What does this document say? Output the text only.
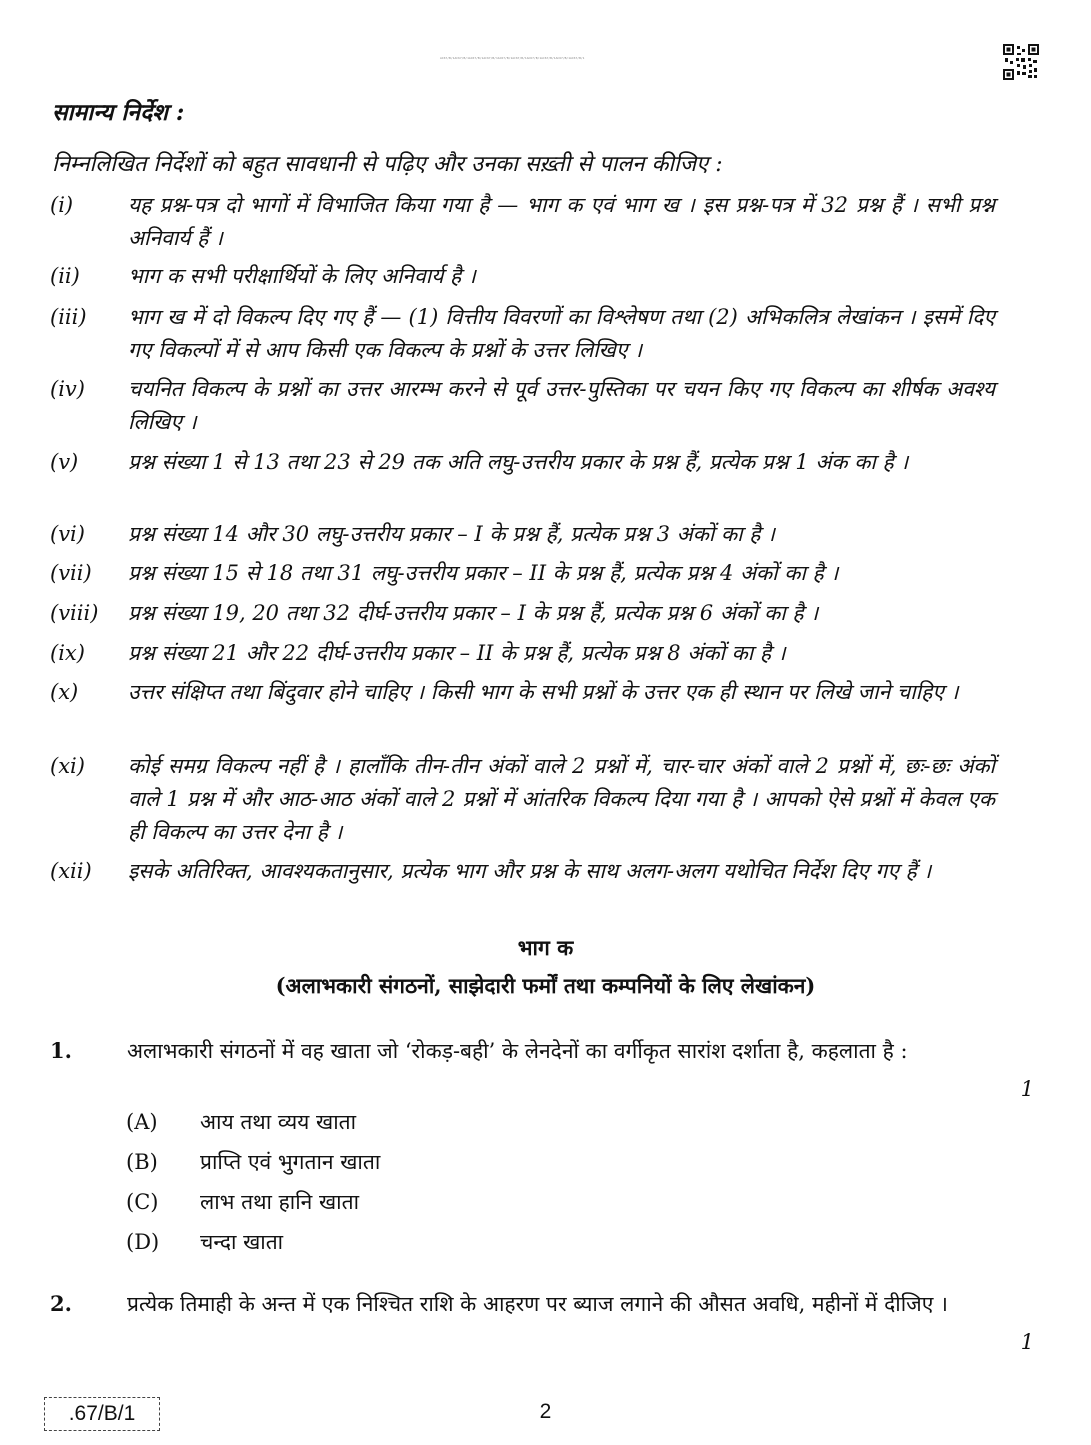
AC67/B/1AC67/B/1AC67/B/1AC67/B/1AC67/B/1AC67/B/1AC67/B/1AC67/B/1AC67/B/1AC67/B/1
सामान्य निर्देश :
निम्नलिखित निर्देशों को बहुत सावधानी से पढ़िए और उनका सख़्ती से पालन कीजिए :
(i)	यह प्रश्न-पत्र दो भागों में विभाजित किया गया है — भाग क एवं भाग ख । इस प्रश्न-पत्र में 32 प्रश्न हैं । सभी प्रश्न अनिवार्य हैं ।
(ii)	भाग क सभी परीक्षार्थियों के लिए अनिवार्य है ।
(iii)	भाग ख में दो विकल्प दिए गए हैं — (1) वित्तीय विवरणों का विश्लेषण तथा (2) अभिकलित्र लेखांकन । इसमें दिए गए विकल्पों में से आप किसी एक विकल्प के प्रश्नों के उत्तर लिखिए ।
(iv)	चयनित विकल्प के प्रश्नों का उत्तर आरम्भ करने से पूर्व उत्तर-पुस्तिका पर चयन किए गए विकल्प का शीर्षक अवश्य लिखिए ।
(v)	प्रश्न संख्या 1 से 13 तथा 23 से 29 तक अति लघु-उत्तरीय प्रकार के प्रश्न हैं, प्रत्येक प्रश्न 1 अंक का है ।
(vi)	प्रश्न संख्या 14 और 30 लघु-उत्तरीय प्रकार – I के प्रश्न हैं, प्रत्येक प्रश्न 3 अंकों का है ।
(vii)	प्रश्न संख्या 15 से 18 तथा 31 लघु-उत्तरीय प्रकार – II के प्रश्न हैं, प्रत्येक प्रश्न 4 अंकों का है ।
(viii)	प्रश्न संख्या 19, 20 तथा 32 दीर्घ-उत्तरीय प्रकार – I के प्रश्न हैं, प्रत्येक प्रश्न 6 अंकों का है ।
(ix)	प्रश्न संख्या 21 और 22 दीर्घ-उत्तरीय प्रकार – II के प्रश्न हैं, प्रत्येक प्रश्न 8 अंकों का है ।
(x)	उत्तर संक्षिप्त तथा बिंदुवार होने चाहिए । किसी भाग के सभी प्रश्नों के उत्तर एक ही स्थान पर लिखे जाने चाहिए ।
(xi)	कोई समग्र विकल्प नहीं है । हालाँकि तीन-तीन अंकों वाले 2 प्रश्नों में, चार-चार अंकों वाले 2 प्रश्नों में, छः-छः अंकों वाले 1 प्रश्न में और आठ-आठ अंकों वाले 2 प्रश्नों में आंतरिक विकल्प दिया गया है । आपको ऐसे प्रश्नों में केवल एक ही विकल्प का उत्तर देना है ।
(xii)	इसके अतिरिक्त, आवश्यकतानुसार, प्रत्येक भाग और प्रश्न के साथ अलग-अलग यथोचित निर्देश दिए गए हैं ।
भाग क
(अलाभकारी संगठनों, साझेदारी फर्मों तथा कम्पनियों के लिए लेखांकन)
1.	अलाभकारी संगठनों में वह खाता जो ‘रोकड़-बही’ के लेनदेनों का वर्गीकृत सारांश दर्शाता है, कहलाता है :
1
(A) आय तथा व्यय खाता
(B) प्राप्ति एवं भुगतान खाता
(C) लाभ तथा हानि खाता
(D) चन्दा खाता
2.	प्रत्येक तिमाही के अन्त में एक निश्चित राशि के आहरण पर ब्याज लगाने की औसत अवधि, महीनों में दीजिए ।
1
.67/B/1	2
